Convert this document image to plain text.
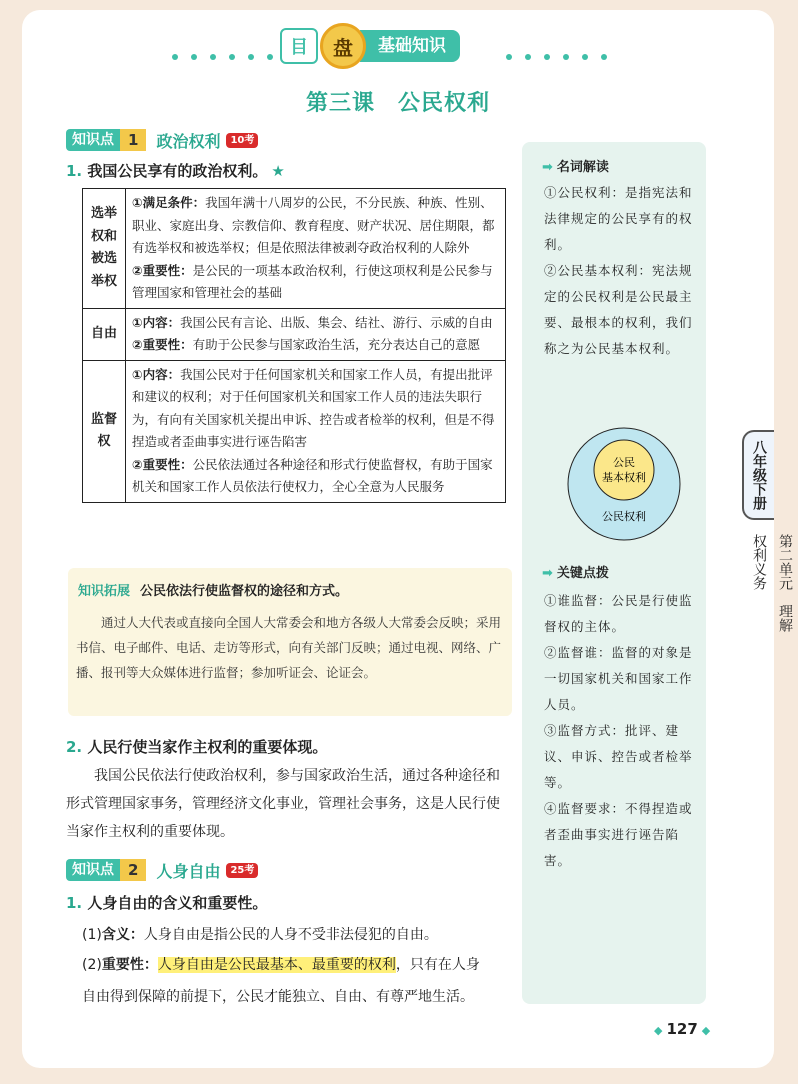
目	盘	基础知识
第三课　公民权利
知识点 1	政治权利	10考
1. 我国公民享有的政治权利。 ★
选举权和被选举权	①满足条件：我国年满十八周岁的公民，不分民族、种族、性别、职业、家庭出身、宗教信仰、教育程度、财产状况、居住期限，都有选举权和被选举权；但是依照法律被剥夺政治权利的人除外
②重要性：是公民的一项基本政治权利，行使这项权利是公民参与管理国家和管理社会的基础

自由	①内容：我国公民有言论、出版、集会、结社、游行、示威的自由
②重要性：有助于公民参与国家政治生活，充分表达自己的意愿

监督权	①内容：我国公民对于任何国家机关和国家工作人员，有提出批评和建议的权利；对于任何国家机关和国家工作人员的违法失职行为，有向有关国家机关提出申诉、控告或者检举的权利，但是不得捏造或者歪曲事实进行诬告陷害
②重要性：公民依法通过各种途径和形式行使监督权，有助于国家机关和国家工作人员依法行使权力，全心全意为人民服务
知识拓展 公民依法行使监督权的途径和方式。
通过人大代表或直接向全国人大常委会和地方各级人大常委会反映；采用书信、电子邮件、电话、走访等形式，向有关部门反映；通过电视、网络、广播、报刊等大众媒体进行监督；参加听证会、论证会。
2. 人民行使当家作主权利的重要体现。
我国公民依法行使政治权利，参与国家政治生活，通过各种途径和形式管理国家事务，管理经济文化事业，管理社会事务，这是人民行使当家作主权利的重要体现。
知识点 2	人身自由	25考
1. 人身自由的含义和重要性。
(1)含义：人身自由是指公民的人身不受非法侵犯的自由。
(2)重要性：人身自由是公民最基本、最重要的权利，只有在人身
自由得到保障的前提下，公民才能独立、自由、有尊严地生活。
➡ 名词解读
①公民权利：是指宪法和法律规定的公民享有的权利。
②公民基本权利：宪法规定的公民权利是公民最主要、最根本的权利，我们称之为公民基本权利。
公民
基本权利
公民权利
➡ 关键点拨
①谁监督：公民是行使监督权的主体。
②监督谁：监督的对象是一切国家机关和国家工作人员。
③监督方式：批评、建议、申诉、控告或者检举等。
④监督要求：不得捏造或者歪曲事实进行诬告陷害。
八年级下册
第二单元　理解权利义务
◆ 127 ◆
